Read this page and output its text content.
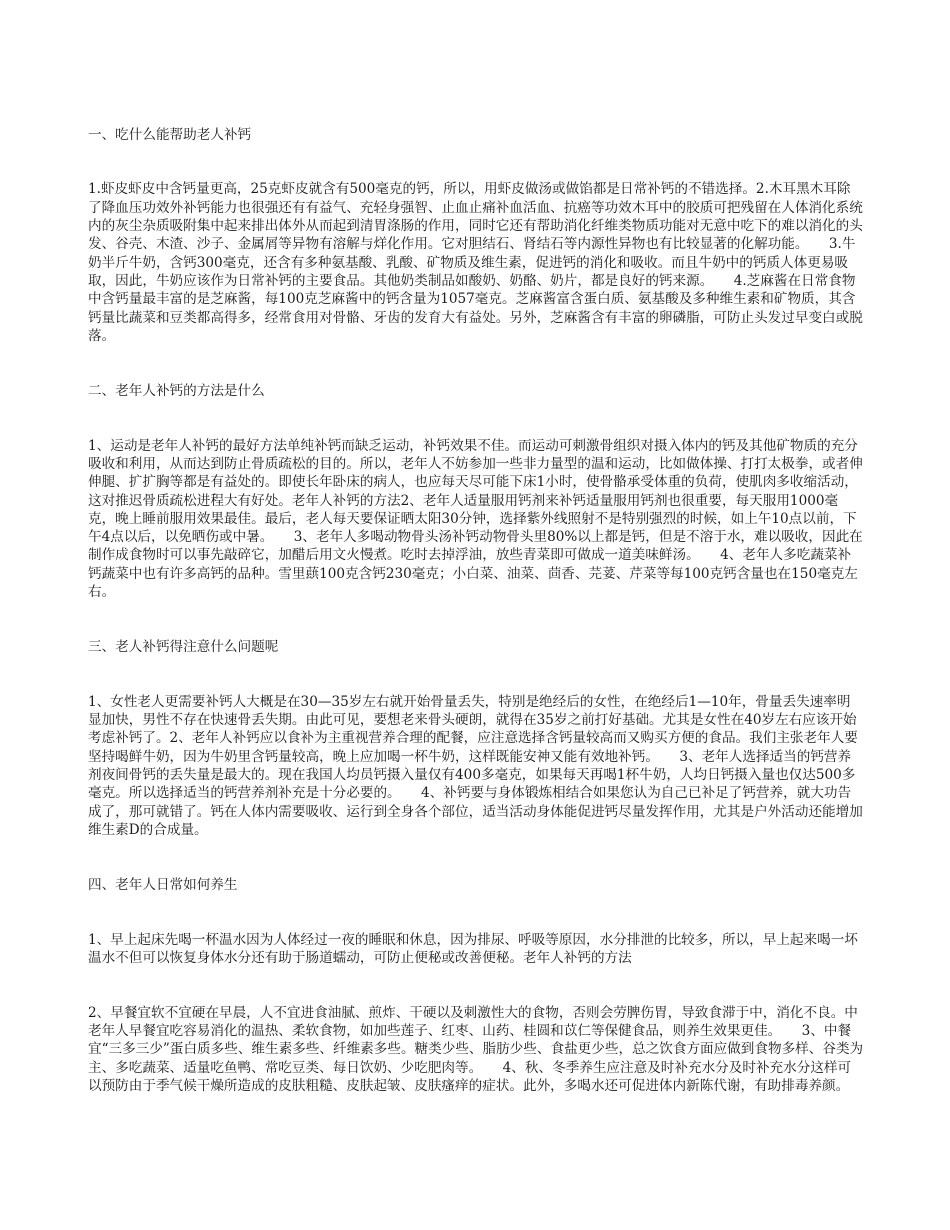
一、吃什么能帮助老人补钙

1.虾皮虾皮中含钙量更高，25克虾皮就含有500毫克的钙，所以，用虾皮做汤或做馅都是日常补钙的不错选择。2.木耳黑木耳除了降血压功效外补钙能力也很强还有有益气、充轻身强智、止血止痛补血活血、抗癌等功效木耳中的胶质可把残留在人体消化系统内的灰尘杂质吸附集中起来排出体外从而起到清胃涤肠的作用，同时它还有帮助消化纤维类物质功能对无意中吃下的难以消化的头发、谷壳、木渣、沙子、金属屑等异物有溶解与烊化作用。它对胆结石、肾结石等内源性异物也有比较显著的化解功能。　　3.牛奶半斤牛奶，含钙300毫克，还含有多种氨基酸、乳酸、矿物质及维生素，促进钙的消化和吸收。而且牛奶中的钙质人体更易吸取，因此，牛奶应该作为日常补钙的主要食品。其他奶类制品如酸奶、奶酪、奶片，都是良好的钙来源。　　4.芝麻酱在日常食物中含钙量最丰富的是芝麻酱，每100克芝麻酱中的钙含量为1057毫克。芝麻酱富含蛋白质、氨基酸及多种维生素和矿物质，其含钙量比蔬菜和豆类都高得多，经常食用对骨骼、牙齿的发育大有益处。另外，芝麻酱含有丰富的卵磷脂，可防止头发过早变白或脱落。

二、老年人补钙的方法是什么

1、运动是老年人补钙的最好方法单纯补钙而缺乏运动，补钙效果不佳。而运动可刺激骨组织对摄入体内的钙及其他矿物质的充分吸收和利用，从而达到防止骨质疏松的目的。所以，老年人不妨参加一些非力量型的温和运动，比如做体操、打打太极拳，或者伸伸腿、扩扩胸等都是有益处的。即使长年卧床的病人，也应每天尽可能下床1小时，使骨骼承受体重的负荷，使肌肉多收缩活动，这对推迟骨质疏松进程大有好处。老年人补钙的方法2、老年人适量服用钙剂来补钙适量服用钙剂也很重要，每天服用1000毫克，晚上睡前服用效果最佳。最后，老人每天要保证晒太阳30分钟，选择紫外线照射不是特别强烈的时候，如上午10点以前，下午4点以后，以免晒伤或中暑。　　3、老年人多喝动物骨头汤补钙动物骨头里80%以上都是钙，但是不溶于水，难以吸收，因此在制作成食物时可以事先敲碎它，加醋后用文火慢煮。吃时去掉浮油，放些青菜即可做成一道美味鲜汤。　　4、老年人多吃蔬菜补钙蔬菜中也有许多高钙的品种。雪里蕻100克含钙230毫克；小白菜、油菜、茴香、芫荽、芹菜等每100克钙含量也在150毫克左右。

三、老人补钙得注意什么问题呢

1、女性老人更需要补钙人大概是在30—35岁左右就开始骨量丢失，特别是绝经后的女性，在绝经后1—10年，骨量丢失速率明显加快，男性不存在快速骨丢失期。由此可见，要想老来骨头硬朗，就得在35岁之前打好基础。尤其是女性在40岁左右应该开始考虑补钙了。2、老年人补钙应以食补为主重视营养合理的配餐，应注意选择含钙量较高而又购买方便的食品。我们主张老年人要坚持喝鲜牛奶，因为牛奶里含钙量较高，晚上应加喝一杯牛奶，这样既能安神又能有效地补钙。　　3、老年人选择适当的钙营养剂夜间骨钙的丢失量是最大的。现在我国人均员钙摄入量仅有400多毫克，如果每天再喝1杯牛奶，人均日钙摄入量也仅达500多毫克。所以选择适当的钙营养剂补充是十分必要的。　　4、补钙要与身体锻炼相结合如果您认为自己已补足了钙营养，就大功告成了，那可就错了。钙在人体内需要吸收、运行到全身各个部位，适当活动身体能促进钙尽量发挥作用，尤其是户外活动还能增加维生素D的合成量。

四、老年人日常如何养生

1、早上起床先喝一杯温水因为人体经过一夜的睡眠和休息，因为排尿、呼吸等原因，水分排泄的比较多，所以，早上起来喝一坏温水不但可以恢复身体水分还有助于肠道蠕动，可防止便秘或改善便秘。老年人补钙的方法

2、早餐宜软不宜硬在早晨，人不宜进食油腻、煎炸、干硬以及刺激性大的食物，否则会劳脾伤胃，导致食滞于中，消化不良。中老年人早餐宜吃容易消化的温热、柔软食物，如加些莲子、红枣、山药、桂圆和苡仁等保健食品，则养生效果更佳。　　3、中餐宜“三多三少”蛋白质多些、维生素多些、纤维素多些。糖类少些、脂肪少些、食盐更少些，总之饮食方面应做到食物多样、谷类为主、多吃蔬菜、适量吃鱼鸭、常吃豆类、每日饮奶、少吃肥肉等。　　4、秋、冬季养生应注意及时补充水分及时补充水分这样可以预防由于季气候干燥所造成的皮肤粗糙、皮肤起皱、皮肤瘙痒的症状。此外，多喝水还可促进体内新陈代谢，有助排毒养颜。
